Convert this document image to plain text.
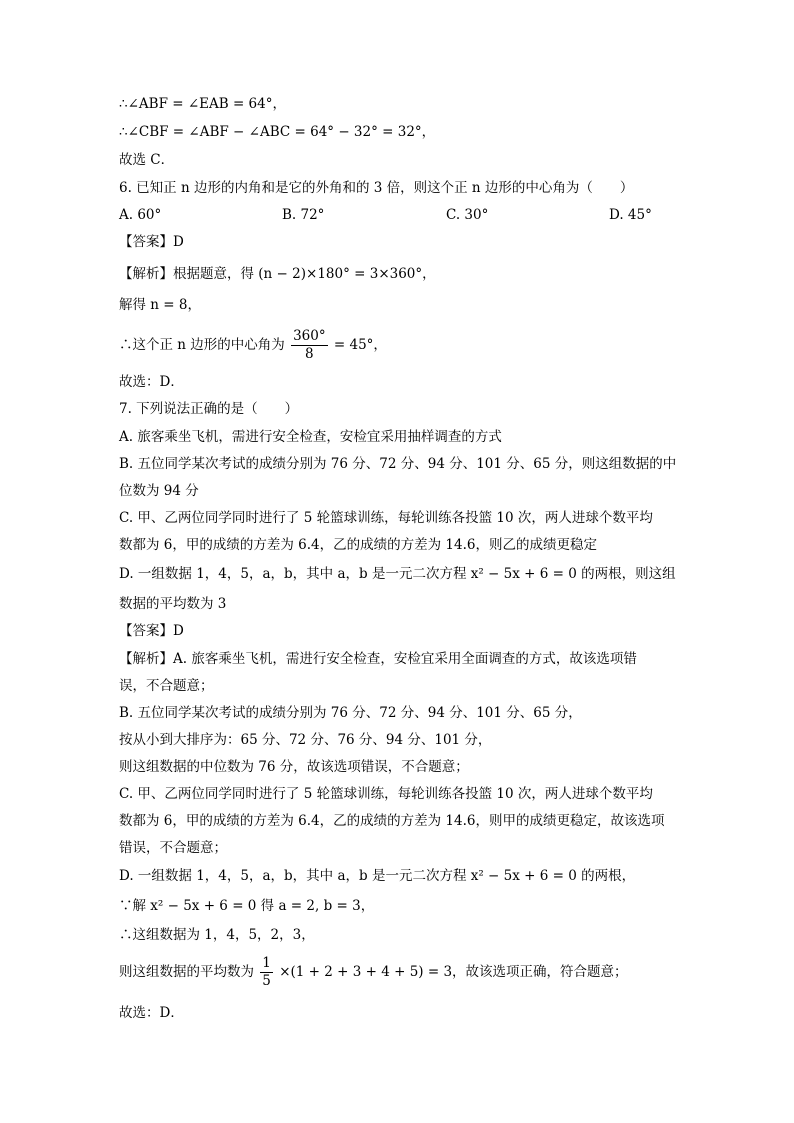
∴∠ABF = ∠EAB = 64°，
∴∠CBF = ∠ABF − ∠ABC = 64° − 32° = 32°，
故选 C．
6. 已知正 n 边形的内角和是它的外角和的 3 倍，则这个正 n 边形的中心角为（　　）
A. 60°	B. 72°	C. 30°	D. 45°
【答案】D
【解析】根据题意，得 (n − 2)×180° = 3×360°，
解得 n = 8，
∴这个正 n 边形的中心角为 $\frac{360^\circ}{8} = 45^\circ$，
故选：D．
7. 下列说法正确的是（　　）
A. 旅客乘坐飞机，需进行安全检查，安检宜采用抽样调查的方式
B. 五位同学某次考试的成绩分别为 76 分、72 分、94 分、101 分、65 分，则这组数据的中
位数为 94 分
C. 甲、乙两位同学同时进行了 5 轮篮球训练，每轮训练各投篮 10 次，两人进球个数平均
数都为 6，甲的成绩的方差为 6.4，乙的成绩的方差为 14.6，则乙的成绩更稳定
D. 一组数据 1，4，5，a，b，其中 a，b 是一元二次方程 x² − 5x + 6 = 0 的两根，则这组
数据的平均数为 3
【答案】D
【解析】A. 旅客乘坐飞机，需进行安全检查，安检宜采用全面调查的方式，故该选项错
误，不合题意；
B. 五位同学某次考试的成绩分别为 76 分、72 分、94 分、101 分、65 分，
按从小到大排序为：65 分、72 分、76 分、94 分、101 分，
则这组数据的中位数为 76 分，故该选项错误，不合题意；
C. 甲、乙两位同学同时进行了 5 轮篮球训练，每轮训练各投篮 10 次，两人进球个数平均
数都为 6，甲的成绩的方差为 6.4，乙的成绩的方差为 14.6，则甲的成绩更稳定，故该选项
错误，不合题意；
D. 一组数据 1，4，5，a，b，其中 a，b 是一元二次方程 x² − 5x + 6 = 0 的两根，
∵解 x² − 5x + 6 = 0 得 a = 2, b = 3，
∴这组数据为 1，4，5，2，3，
则这组数据的平均数为 $\frac{1}{5} \times(1 + 2 + 3 + 4 + 5) = 3$，故该选项正确，符合题意；
故选：D．
